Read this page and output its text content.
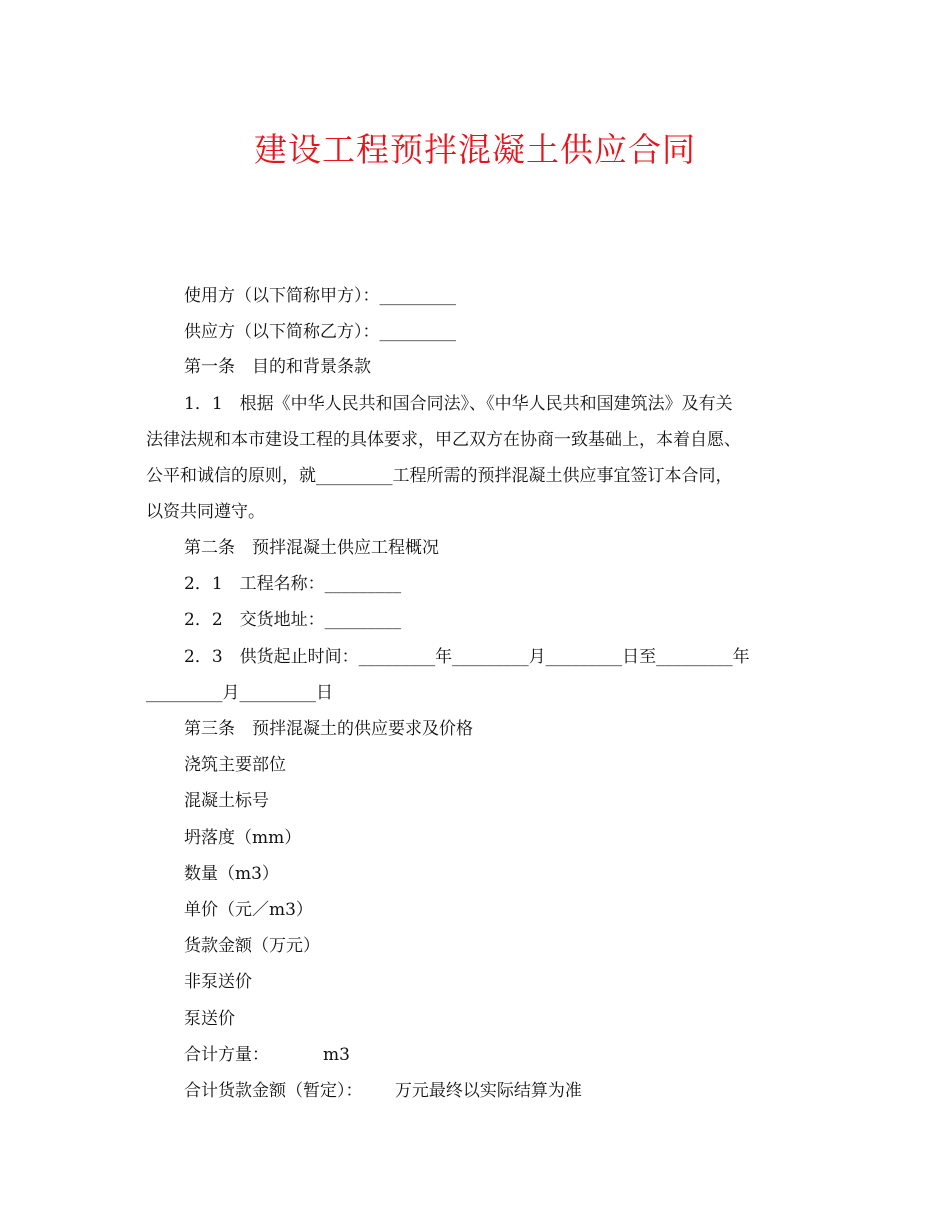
建设工程预拌混凝土供应合同
使用方（以下简称甲方）：_________
供应方（以下简称乙方）：_________
第一条　目的和背景条款
1．1　根据《中华人民共和国合同法》、《中华人民共和国建筑法》及有关
法律法规和本市建设工程的具体要求，甲乙双方在协商一致基础上，本着自愿、
公平和诚信的原则，就_________工程所需的预拌混凝土供应事宜签订本合同，
以资共同遵守。
第二条　预拌混凝土供应工程概况
2．1　工程名称：_________
2．2　交货地址：_________
2．3　供货起止时间：_________年_________月_________日至_________年
_________月_________日
第三条　预拌混凝土的供应要求及价格
浇筑主要部位
混凝土标号
坍落度（mm）
数量（m3）
单价（元／m3）
货款金额（万元）
非泵送价
泵送价
合计方量：          m3
合计货款金额（暂定）：      万元最终以实际结算为准
